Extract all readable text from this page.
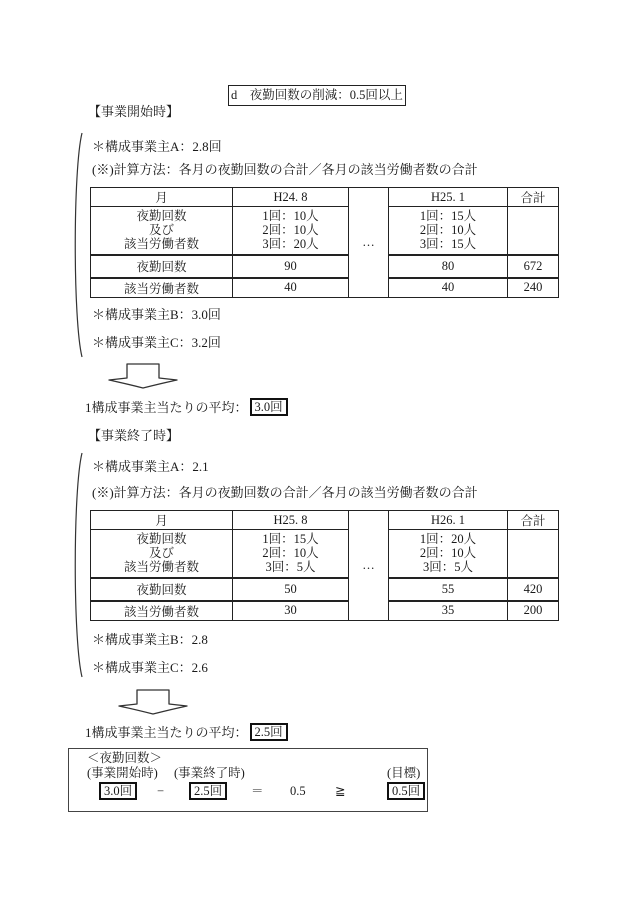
d　夜勤回数の削減：0.5回以上
【事業開始時】
＊構成事業主A：2.8回
(※)計算方法：各月の夜勤回数の合計／各月の該当労働者数の合計
月	H24. 8	…	H25. 1	合計

夜勤回数
及び
該当労働者数	1回：10人
2回：10人
3回：20人		1回：15人
2回：10人
3回：15人	

夜勤回数	90		80	672
該当労働者数	40		40	240
＊構成事業主B：3.0回
＊構成事業主C：3.2回
1構成事業主当たりの平均： 3.0回
【事業終了時】
＊構成事業主A：2.1
(※)計算方法：各月の夜勤回数の合計／各月の該当労働者数の合計
月	H25. 8	…	H26. 1	合計

夜勤回数
及び
該当労働者数	1回：15人
2回：10人
3回：5人		1回：20人
2回：10人
3回：5人	

夜勤回数	50		55	420
該当労働者数	30		35	200
＊構成事業主B：2.8
＊構成事業主C：2.6
1構成事業主当たりの平均： 2.5回
＜夜勤回数＞
(事業開始時) (事業終了時)	(目標)
3.0回	−	2.5回	＝ 0.5 ≧	0.5回
